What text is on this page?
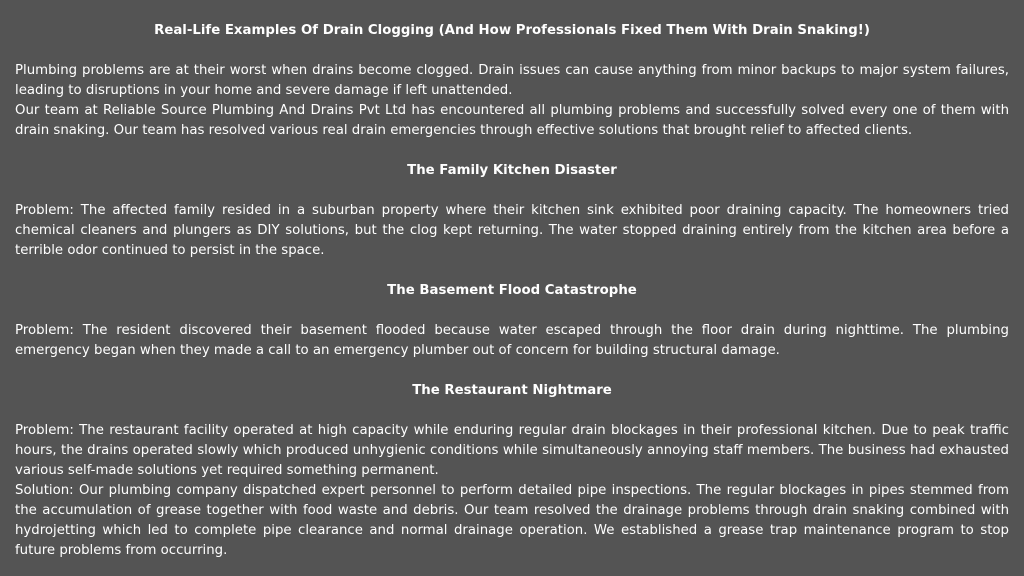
Real-Life Examples Of Drain Clogging (And How Professionals Fixed Them With Drain Snaking!)

Plumbing problems are at their worst when drains become clogged. Drain issues can cause anything from minor backups to major system failures, leading to disruptions in your home and severe damage if left unattended.

Our team at Reliable Source Plumbing And Drains Pvt Ltd has encountered all plumbing problems and successfully solved every one of them with drain snaking. Our team has resolved various real drain emergencies through effective solutions that brought relief to affected clients.

The Family Kitchen Disaster

Problem: The affected family resided in a suburban property where their kitchen sink exhibited poor draining capacity. The homeowners tried chemical cleaners and plungers as DIY solutions, but the clog kept returning. The water stopped draining entirely from the kitchen area before a terrible odor continued to persist in the space.

The Basement Flood Catastrophe

Problem: The resident discovered their basement flooded because water escaped through the floor drain during nighttime. The plumbing emergency began when they made a call to an emergency plumber out of concern for building structural damage.

The Restaurant Nightmare

Problem: The restaurant facility operated at high capacity while enduring regular drain blockages in their professional kitchen. Due to peak traffic hours, the drains operated slowly which produced unhygienic conditions while simultaneously annoying staff members. The business had exhausted various self-made solutions yet required something permanent.

Solution: Our plumbing company dispatched expert personnel to perform detailed pipe inspections. The regular blockages in pipes stemmed from the accumulation of grease together with food waste and debris. Our team resolved the drainage problems through drain snaking combined with hydrojetting which led to complete pipe clearance and normal drainage operation. We established a grease trap maintenance program to stop future problems from occurring.
